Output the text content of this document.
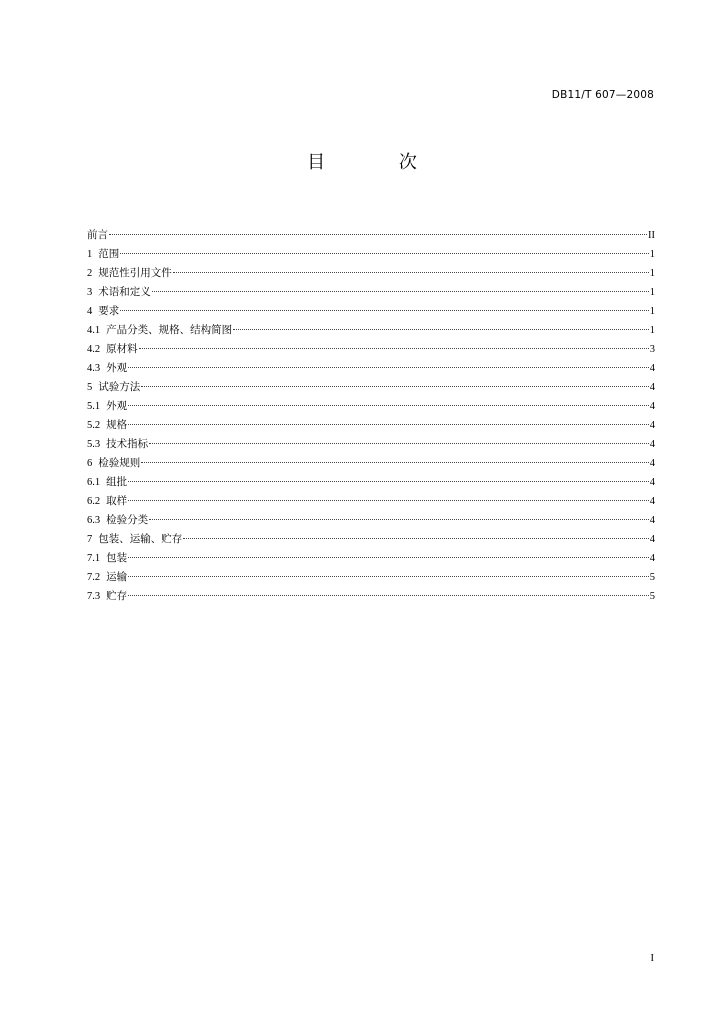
DB11/T 607—2008
目 次
前言	II
1 范围	1
2 规范性引用文件	1
3 术语和定义	1
4 要求	1
4.1 产品分类、规格、结构简图	1
4.2 原材料	3
4.3 外观	4
5 试验方法	4
5.1 外观	4
5.2 规格	4
5.3 技术指标	4
6 检验规则	4
6.1 组批	4
6.2 取样	4
6.3 检验分类	4
7 包装、运输、贮存	4
7.1 包装	4
7.2 运输	5
7.3 贮存	5
I
